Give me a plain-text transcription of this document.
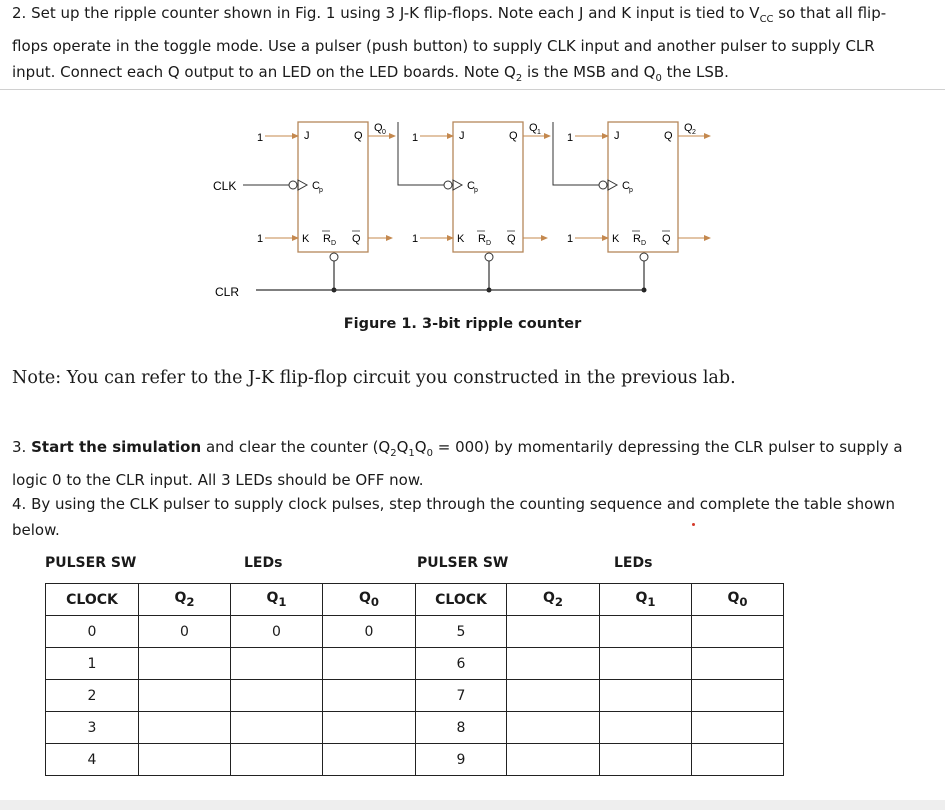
2. Set up the ripple counter shown in Fig. 1 using 3 J-K flip-flops. Note each J and K input is tied to $V_{CC}$ so that all flip-flops operate in the toggle mode. Use a pulser (push button) to supply CLK input and another pulser to supply CLR input. Connect each Q output to an LED on the LED boards. Note $Q_2$ is the MSB and $Q_0$ the LSB.
1	J	Q
Q 0
C p
1	K R D Q
1	J	Q
Q 1
C p
1	K R D Q
1	J	Q
Q 2
C p
1	K R D Q
CLK
CLR
Figure 1. 3-bit ripple counter
Note: You can refer to the J-K flip-flop circuit you constructed in the previous lab.
3. Start the simulation and clear the counter $(Q_2Q_1Q_0 = 000)$ by momentarily depressing the CLR pulser to supply a logic 0 to the CLR input. All 3 LEDs should be OFF now.
4. By using the CLK pulser to supply clock pulses, step through the counting sequence and complete the table shown below.
PULSER SW	LEDs	PULSER SW	LEDs
CLOCK	$Q_2$	$Q_1$	$Q_0$	CLOCK	$Q_2$	$Q_1$	$Q_0$
0	0	0	0	5			
1				6			
2				7			
3				8			
4				9			
